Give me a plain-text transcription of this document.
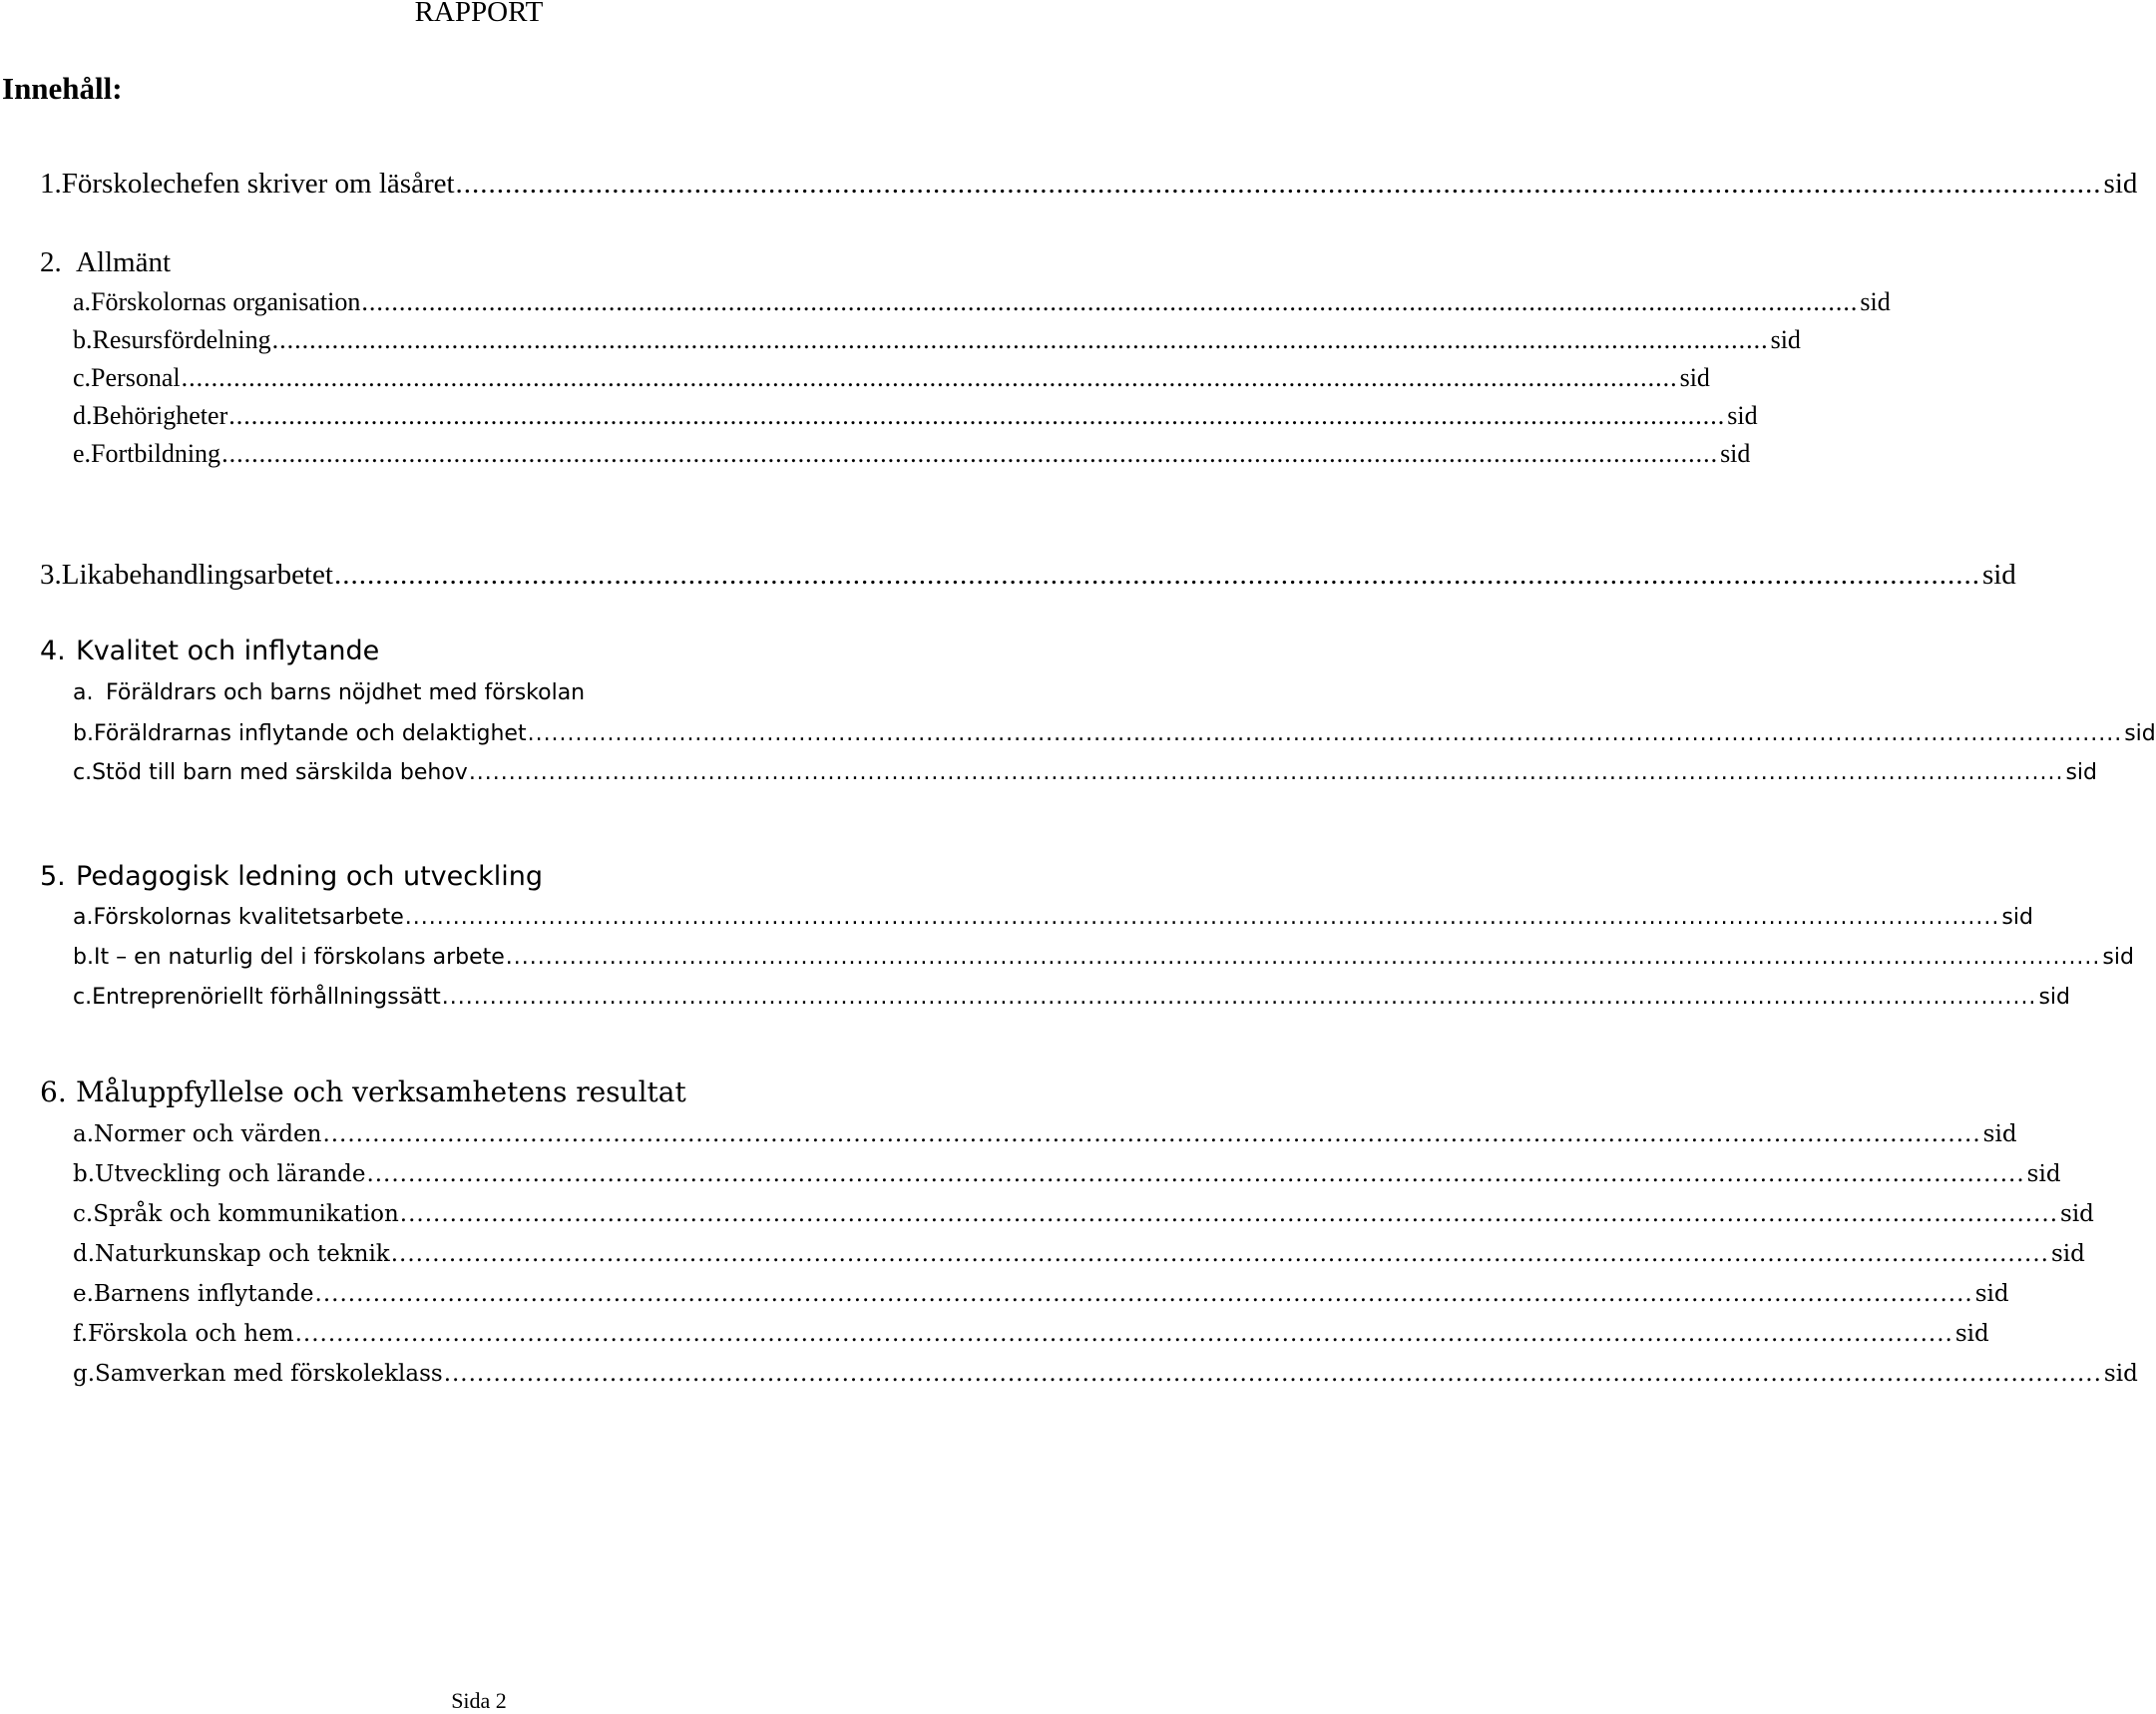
RAPPORT
Innehåll:
1. Förskolechefen skriver om läsåret ........................................................................................................................................................................................................ sid
2. Allmänt
a. Förskolornas organisation ........................................................................................................................................................................................................ sid
b. Resursfördelning ........................................................................................................................................................................................................ sid
c. Personal ........................................................................................................................................................................................................ sid
d. Behörigheter ........................................................................................................................................................................................................ sid
e. Fortbildning ........................................................................................................................................................................................................ sid
3. Likabehandlingsarbetet ........................................................................................................................................................................................................ sid
4. Kvalitet och inflytande
a. Föräldrars och barns nöjdhet med förskolan
b. Föräldrarnas inflytande och delaktighet ........................................................................................................................................................................................................ sid
c. Stöd till barn med särskilda behov ........................................................................................................................................................................................................ sid
5. Pedagogisk ledning och utveckling
a. Förskolornas kvalitetsarbete ........................................................................................................................................................................................................ sid
b. It – en naturlig del i förskolans arbete ........................................................................................................................................................................................................ sid
c. Entreprenöriellt förhållningssätt ........................................................................................................................................................................................................ sid
6. Måluppfyllelse och verksamhetens resultat
a. Normer och värden ........................................................................................................................................................................................................ sid
b. Utveckling och lärande ........................................................................................................................................................................................................ sid
c. Språk och kommunikation ........................................................................................................................................................................................................ sid
d. Naturkunskap och teknik ........................................................................................................................................................................................................ sid
e. Barnens inflytande ........................................................................................................................................................................................................ sid
f. Förskola och hem ........................................................................................................................................................................................................ sid
g. Samverkan med förskoleklass ........................................................................................................................................................................................................ sid
Sida 2
